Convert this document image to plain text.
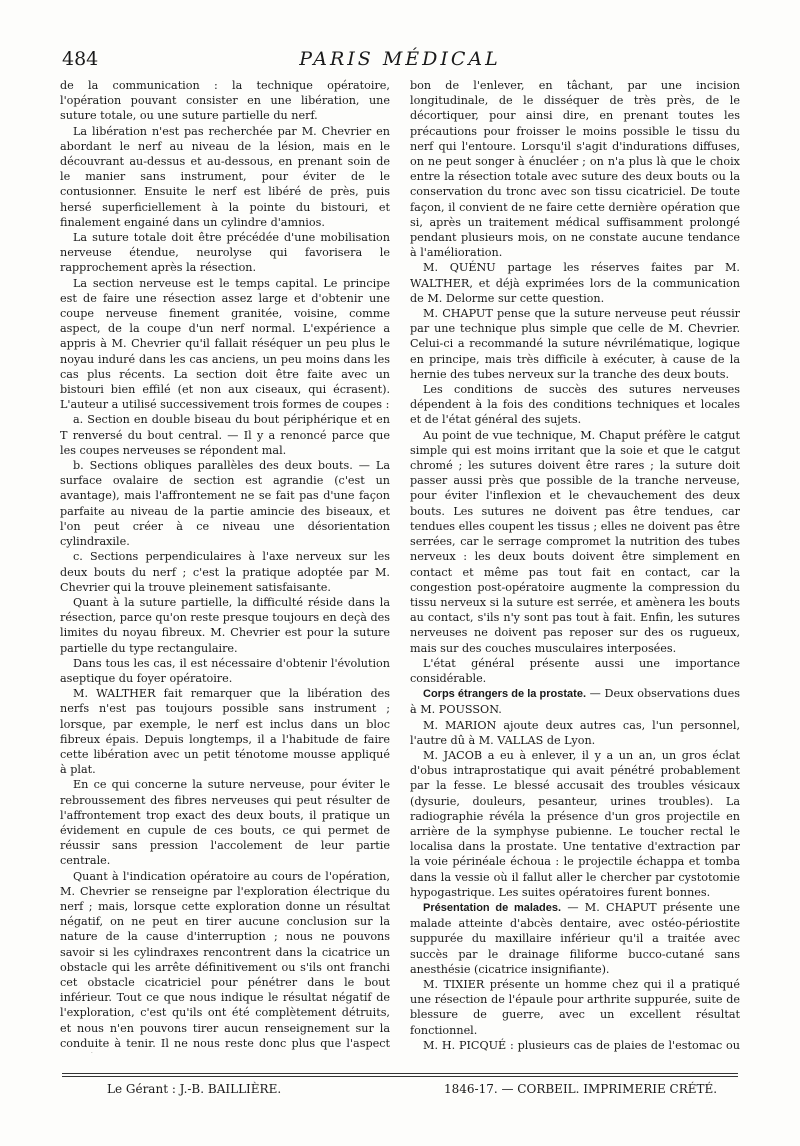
484	PARIS MÉDICAL

de la communication : la technique opératoire, l'opération pouvant consister en une libération, une suture totale, ou une suture partielle du nerf.

La libération n'est pas recherchée par M. Chevrier en abordant le nerf au niveau de la lésion, mais en le découvrant au-dessus et au-dessous, en prenant soin de le manier sans instrument, pour éviter de le contusionner. Ensuite le nerf est libéré de près, puis hersé superficiellement à la pointe du bistouri, et finalement engainé dans un cylindre d'amnios.

La suture totale doit être précédée d'une mobilisation nerveuse étendue, neurolyse qui favorisera le rapprochement après la résection.

La section nerveuse est le temps capital. Le principe est de faire une résection assez large et d'obtenir une coupe nerveuse finement granitée, voisine, comme aspect, de la coupe d'un nerf normal. L'expérience a appris à M. Chevrier qu'il fallait réséquer un peu plus le noyau induré dans les cas anciens, un peu moins dans les cas plus récents. La section doit être faite avec un bistouri bien effilé (et non aux ciseaux, qui écrasent). L'auteur a utilisé successivement trois formes de coupes :

a. Section en double biseau du bout périphérique et en T renversé du bout central. — Il y a renoncé parce que les coupes nerveuses se répondent mal.

b. Sections obliques parallèles des deux bouts. — La surface ovalaire de section est agrandie (c'est un avantage), mais l'affrontement ne se fait pas d'une façon parfaite au niveau de la partie amincie des biseaux, et l'on peut créer à ce niveau une désorientation cylindraxile.

c. Sections perpendiculaires à l'axe nerveux sur les deux bouts du nerf ; c'est la pratique adoptée par M. Chevrier qui la trouve pleinement satisfaisante.

Quant à la suture partielle, la difficulté réside dans la résection, parce qu'on reste presque toujours en deçà des limites du noyau fibreux. M. Chevrier est pour la suture partielle du type rectangulaire.

Dans tous les cas, il est nécessaire d'obtenir l'évolution aseptique du foyer opératoire.

M. WALTHER fait remarquer que la libération des nerfs n'est pas toujours possible sans instrument ; lorsque, par exemple, le nerf est inclus dans un bloc fibreux épais. Depuis longtemps, il a l'habitude de faire cette libération avec un petit ténotome mousse appliqué à plat.

En ce qui concerne la suture nerveuse, pour éviter le rebroussement des fibres nerveuses qui peut résulter de l'affrontement trop exact des deux bouts, il pratique un évidement en cupule de ces bouts, ce qui permet de réussir sans pression l'accolement de leur partie centrale.

Quant à l'indication opératoire au cours de l'opération, M. Chevrier se renseigne par l'exploration électrique du nerf ; mais, lorsque cette exploration donne un résultat négatif, on ne peut en tirer aucune conclusion sur la nature de la cause d'interruption ; nous ne pouvons savoir si les cylindraxes rencontrent dans la cicatrice un obstacle qui les arrête définitivement ou s'ils ont franchi cet obstacle cicatriciel pour pénétrer dans le bout inférieur. Tout ce que nous indique le résultat négatif de l'exploration, c'est qu'ils ont été complètement détruits, et nous n'en pouvons tirer aucun renseignement sur la conduite à tenir. Il ne nous reste donc plus que l'aspect

bon de l'enlever, en tâchant, par une incision longitudinale, de le disséquer de très près, de le décortiquer, pour ainsi dire, en prenant toutes les précautions pour froisser le moins possible le tissu du nerf qui l'entoure. Lorsqu'il s'agit d'indurations diffuses, on ne peut songer à énucléer ; on n'a plus là que le choix entre la résection totale avec suture des deux bouts ou la conservation du tronc avec son tissu cicatriciel. De toute façon, il convient de ne faire cette dernière opération que si, après un traitement médical suffisamment prolongé pendant plusieurs mois, on ne constate aucune tendance à l'amélioration.

M. QUÉNU partage les réserves faites par M. WALTHER, et déjà exprimées lors de la communication de M. Delorme sur cette question.

M. CHAPUT pense que la suture nerveuse peut réussir par une technique plus simple que celle de M. Chevrier. Celui-ci a recommandé la suture névrilématique, logique en principe, mais très difficile à exécuter, à cause de la hernie des tubes nerveux sur la tranche des deux bouts.

Les conditions de succès des sutures nerveuses dépendent à la fois des conditions techniques et locales et de l'état général des sujets.

Au point de vue technique, M. Chaput préfère le catgut simple qui est moins irritant que la soie et que le catgut chromé ; les sutures doivent être rares ; la suture doit passer aussi près que possible de la tranche nerveuse, pour éviter l'inflexion et le chevauchement des deux bouts. Les sutures ne doivent pas être tendues, car tendues elles coupent les tissus ; elles ne doivent pas être serrées, car le serrage compromet la nutrition des tubes nerveux : les deux bouts doivent être simplement en contact et même pas tout fait en contact, car la congestion post-opératoire augmente la compression du tissu nerveux si la suture est serrée, et amènera les bouts au contact, s'ils n'y sont pas tout à fait. Enfin, les sutures nerveuses ne doivent pas reposer sur des os rugueux, mais sur des couches musculaires interposées.

L'état général présente aussi une importance considérable.

Corps étrangers de la prostate. — Deux observations dues à M. POUSSON.

M. MARION ajoute deux autres cas, l'un personnel, l'autre dû à M. VALLAS de Lyon.

M. JACOB a eu à enlever, il y a un an, un gros éclat d'obus intraprostatique qui avait pénétré probablement par la fesse. Le blessé accusait des troubles vésicaux (dysurie, douleurs, pesanteur, urines troubles). La radiographie révéla la présence d'un gros projectile en arrière de la symphyse pubienne. Le toucher rectal le localisa dans la prostate. Une tentative d'extraction par la voie périnéale échoua : le projectile échappa et tomba dans la vessie où il fallut aller le chercher par cystotomie hypogastrique. Les suites opératoires furent bonnes.

Présentation de malades. — M. CHAPUT présente une malade atteinte d'abcès dentaire, avec ostéo-périostite suppurée du maxillaire inférieur qu'il a traitée avec succès par le drainage filiforme bucco-cutané sans anesthésie (cicatrice insignifiante).

M. TIXIER présente un homme chez qui il a pratiqué une résection de l'épaule pour arthrite suppurée, suite de blessure de guerre, avec un excellent résultat fonctionnel.

M. H. PICQUÉ : plusieurs cas de plaies de l'estomac ou

Le Gérant : J.-B. BAILLIÈRE.	1846-17. — CORBEIL. IMPRIMERIE CRÉTÉ.
